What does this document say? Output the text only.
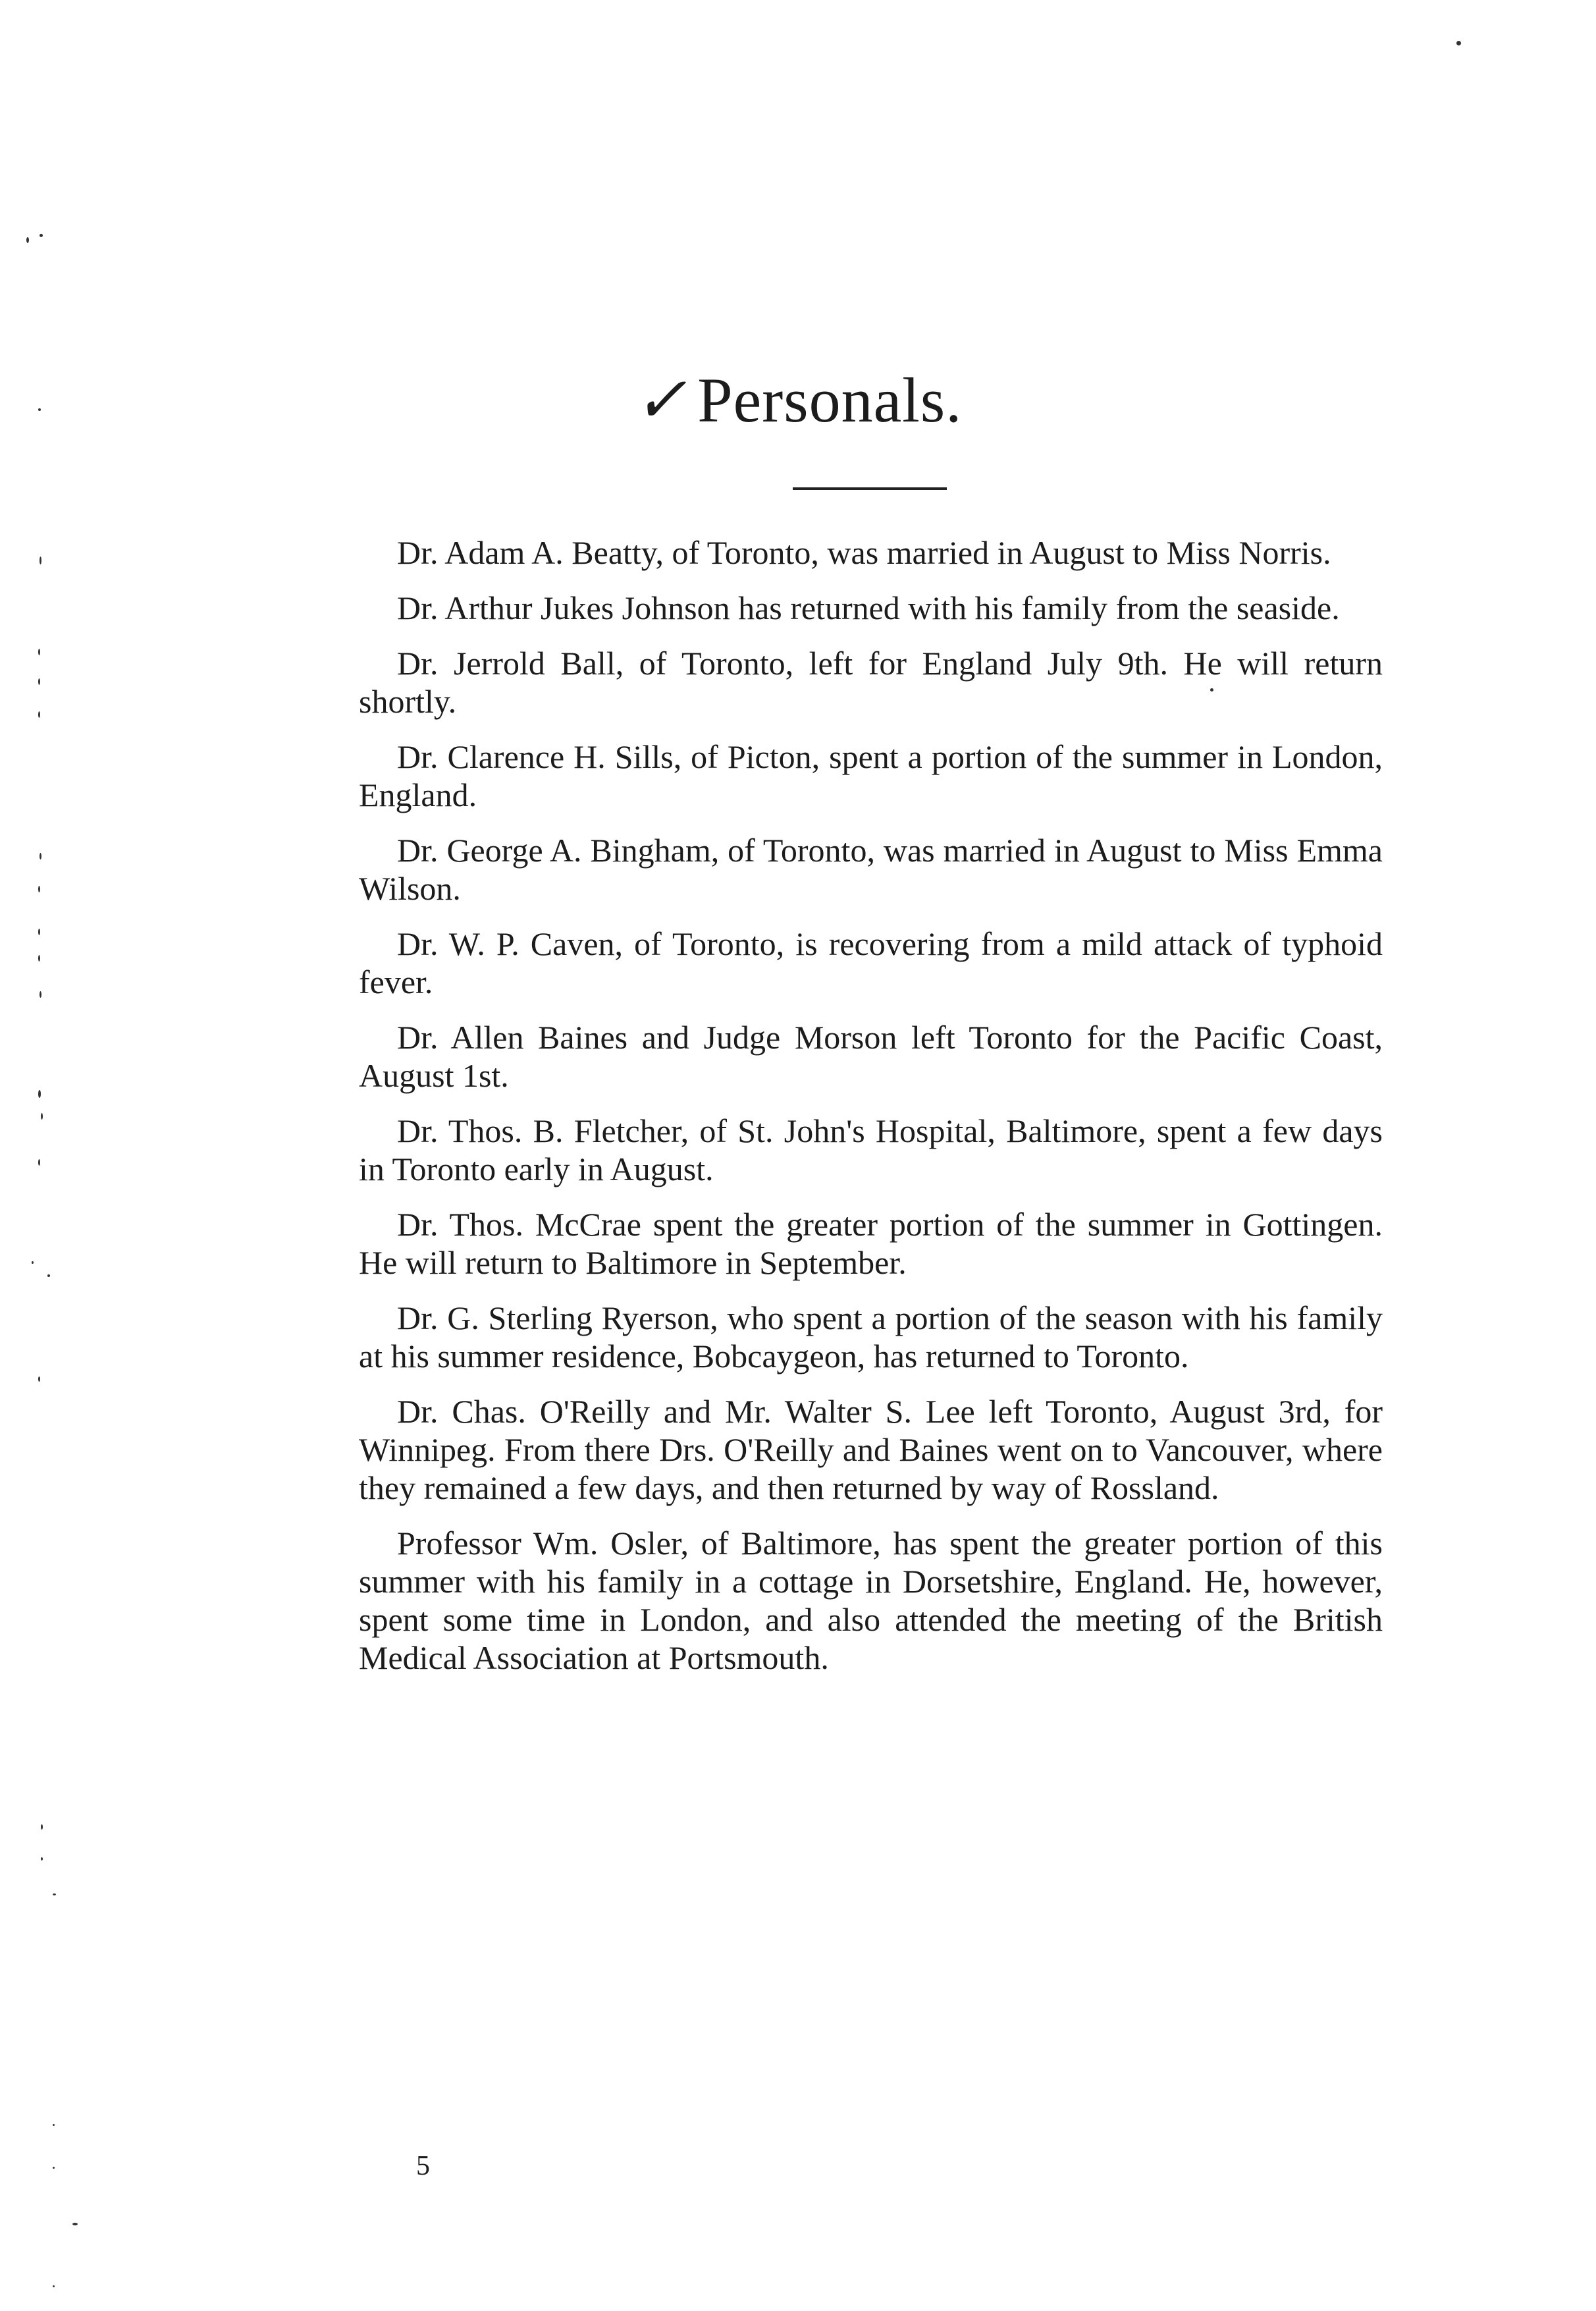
✓ Personals.

Dr. Adam A. Beatty, of Toronto, was married in August to Miss Norris.

Dr. Arthur Jukes Johnson has returned with his family from the seaside.

Dr. Jerrold Ball, of Toronto, left for England July 9th. He will return shortly.

Dr. Clarence H. Sills, of Picton, spent a portion of the summer in London, England.

Dr. George A. Bingham, of Toronto, was married in August to Miss Emma Wilson.

Dr. W. P. Caven, of Toronto, is recovering from a mild attack of typhoid fever.

Dr. Allen Baines and Judge Morson left Toronto for the Pacific Coast, August 1st.

Dr. Thos. B. Fletcher, of St. John's Hospital, Baltimore, spent a few days in Toronto early in August.

Dr. Thos. McCrae spent the greater portion of the summer in Gottingen. He will return to Baltimore in September.

Dr. G. Sterling Ryerson, who spent a portion of the season with his family at his summer residence, Bobcaygeon, has returned to Toronto.

Dr. Chas. O'Reilly and Mr. Walter S. Lee left Toronto, August 3rd, for Winnipeg. From there Drs. O'Reilly and Baines went on to Vancouver, where they remained a few days, and then returned by way of Rossland.

Professor Wm. Osler, of Baltimore, has spent the greater portion of this summer with his family in a cottage in Dorsetshire, England. He, however, spent some time in London, and also attended the meeting of the British Medical Association at Portsmouth.

5
